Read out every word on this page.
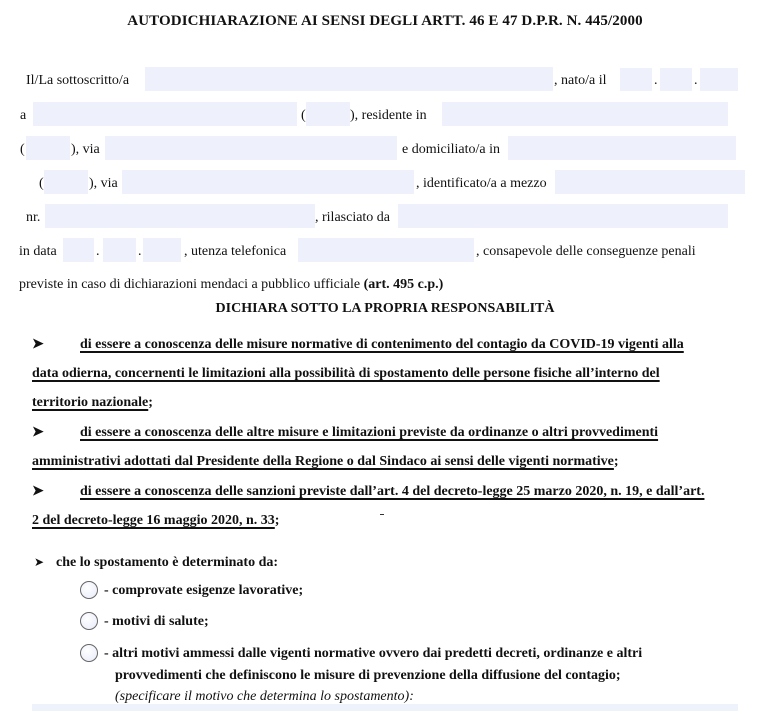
AUTODICHIARAZIONE AI SENSI DEGLI ARTT. 46 E 47 D.P.R. N. 445/2000
Il/La sottoscritto/a	, nato/a il	.	.
a	(	), residente in
(	), via	e domiciliato/a in
(	), via	, identificato/a a mezzo
nr.	, rilasciato da
in data	.	.	, utenza telefonica	, consapevole delle conseguenze penali
previste in caso di dichiarazioni mendaci a pubblico ufficiale (art. 495 c.p.)
DICHIARA SOTTO LA PROPRIA RESPONSABILITÀ
➤	di essere a conoscenza delle misure normative di contenimento del contagio da COVID-19 vigenti alla
data odierna, concernenti le limitazioni alla possibilità di spostamento delle persone fisiche all’interno del
territorio nazionale;
➤	di essere a conoscenza delle altre misure e limitazioni previste da ordinanze o altri provvedimenti
amministrativi adottati dal Presidente della Regione o dal Sindaco ai sensi delle vigenti normative;
➤	di essere a conoscenza delle sanzioni previste dall’art. 4 del decreto-legge 25 marzo 2020, n. 19, e dall’art.
2 del decreto-legge 16 maggio 2020, n. 33;
➤ che lo spostamento è determinato da:
- comprovate esigenze lavorative;
- motivi di salute;
- altri motivi ammessi dalle vigenti normative ovvero dai predetti decreti, ordinanze e altri
provvedimenti che definiscono le misure di prevenzione della diffusione del contagio;
(specificare il motivo che determina lo spostamento):
